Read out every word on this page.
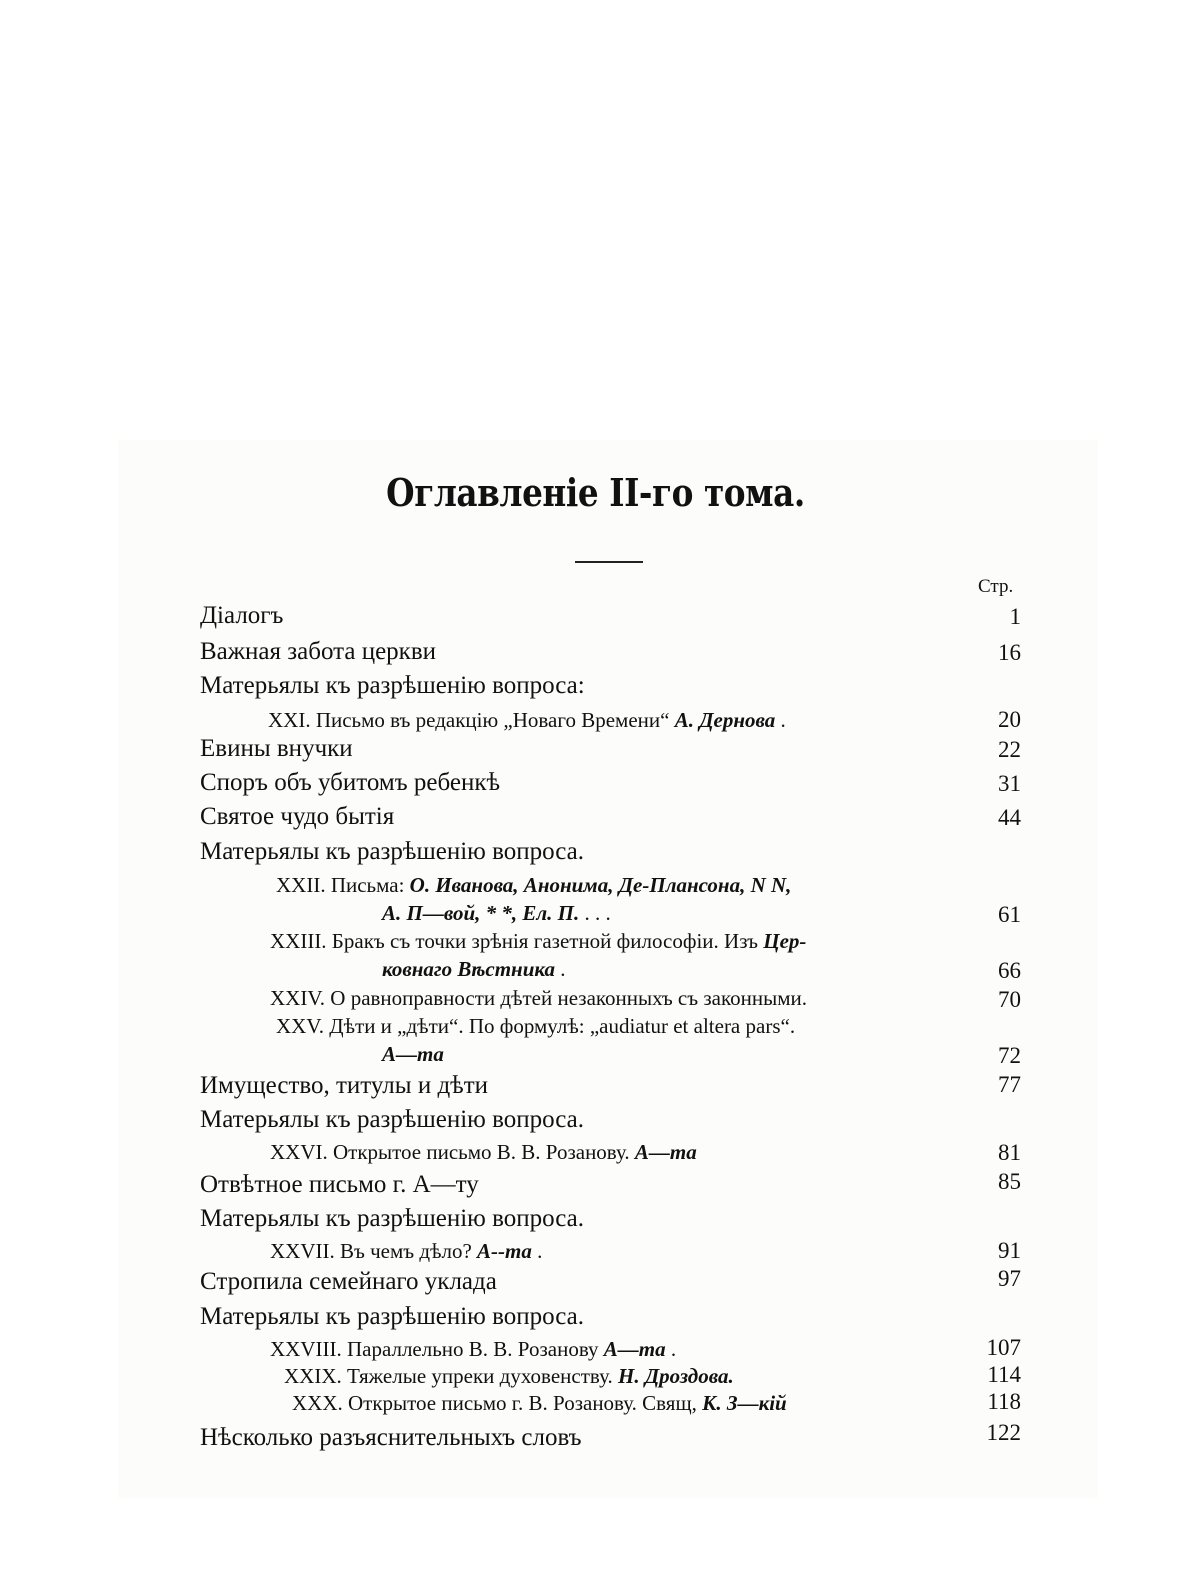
Оглавленiе II-го тома.
Стр.
Дiалогъ	1
Важная забота церкви	16
Матерьялы къ разрѣшенiю вопроса:
XXI. Письмо въ редакцiю „Новаго Времени“ А. Дернова .	20
Евины внучки	22
Споръ объ убитомъ ребенкѣ	31
Святое чудо бытiя	44
Матерьялы къ разрѣшенiю вопроса.
XXII. Письма: О. Иванова, Анонима, Де-Плансона, N N,
А. П—вой, * *, Ел. П. . . .	61
XXIII. Бракъ съ точки зрѣнiя газетной философiи. Изъ Цер-
ковнаго Вѣстника .	66
XXIV. О равноправности дѣтей незаконныхъ съ законными.	70
XXV. Дѣти и „дѣти“. По формулѣ: „audiatur et altera pars“.
А—та	72
Имущество, титулы и дѣти	77
Матерьялы къ разрѣшенiю вопроса.
XXVI. Открытое письмо В. В. Розанову. А—та	81
Отвѣтное письмо г. А—ту	85
Матерьялы къ разрѣшенiю вопроса.
XXVII. Въ чемъ дѣло? А--та .	91
Стропила семейнаго уклада	97
Матерьялы къ разрѣшенiю вопроса.
XXVIII. Параллельно В. В. Розанову А—та .	107
XXIX. Тяжелые упреки духовенству. Н. Дроздова.	114
XXX. Открытое письмо г. В. Розанову. Свящ, К. З—кiй	118
Нѣсколько разъяснительныхъ словъ	122
